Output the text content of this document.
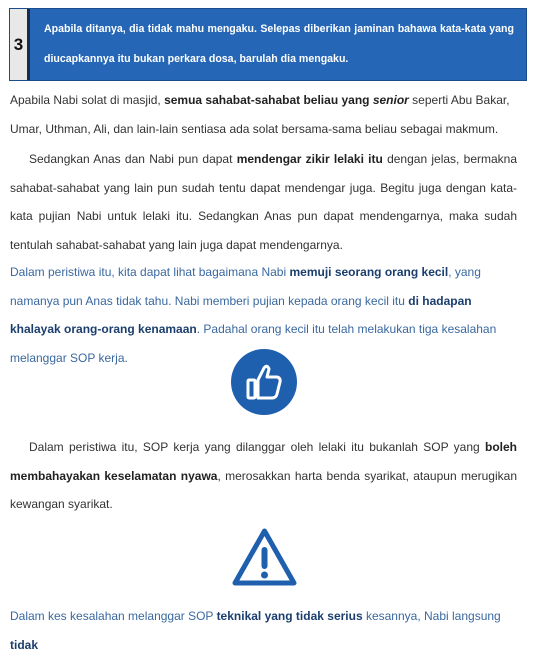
3
Apabila ditanya, dia tidak mahu mengaku. Selepas diberikan jaminan bahawa kata-kata yang diucapkannya itu bukan perkara dosa, barulah dia mengaku.

Apabila Nabi solat di masjid, semua sahabat-sahabat beliau yang senior seperti Abu Bakar, Umar, Uthman, Ali, dan lain-lain sentiasa ada solat bersama-sama beliau sebagai makmum.

Sedangkan Anas dan Nabi pun dapat mendengar zikir lelaki itu dengan jelas, bermakna sahabat-sahabat yang lain pun sudah tentu dapat mendengar juga. Begitu juga dengan kata-kata pujian Nabi untuk lelaki itu. Sedangkan Anas pun dapat mendengarnya, maka sudah tentulah sahabat-sahabat yang lain juga dapat mendengarnya.

Dalam peristiwa itu, kita dapat lihat bagaimana Nabi memuji seorang orang kecil, yang namanya pun Anas tidak tahu. Nabi memberi pujian kepada orang kecil itu di hadapan khalayak orang-orang kenamaan. Padahal orang kecil itu telah melakukan tiga kesalahan melanggar SOP kerja.

Dalam peristiwa itu, SOP kerja yang dilanggar oleh lelaki itu bukanlah SOP yang boleh membahayakan keselamatan nyawa, merosakkan harta benda syarikat, ataupun merugikan kewangan syarikat.

Dalam kes kesalahan melanggar SOP teknikal yang tidak serius kesannya, Nabi langsung tidak
